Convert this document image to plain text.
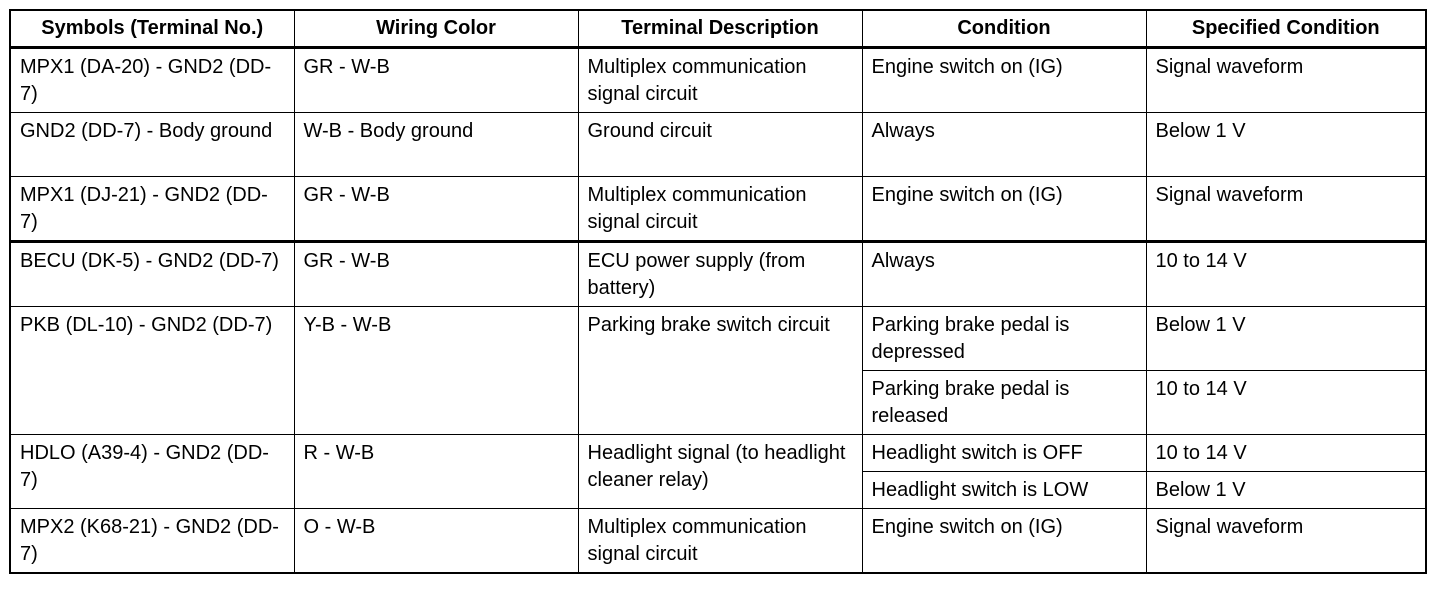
Symbols (Terminal No.)	Wiring Color	Terminal Description	Condition	Specified Condition
MPX1 (DA-20) - GND2 (DD-7)	GR - W-B	Multiplex communication signal circuit	Engine switch on (IG)	Signal waveform
GND2 (DD-7) - Body ground	W-B - Body ground	Ground circuit	Always	Below 1 V
MPX1 (DJ-21) - GND2 (DD-7)	GR - W-B	Multiplex communication signal circuit	Engine switch on (IG)	Signal waveform
BECU (DK-5) - GND2 (DD-7)	GR - W-B	ECU power supply (from battery)	Always	10 to 14 V
PKB (DL-10) - GND2 (DD-7)	Y-B - W-B	Parking brake switch circuit	Parking brake pedal is depressed	Below 1 V
			Parking brake pedal is released	10 to 14 V
HDLO (A39-4) - GND2 (DD-7)	R - W-B	Headlight signal (to headlight cleaner relay)	Headlight switch is OFF	10 to 14 V
			Headlight switch is LOW	Below 1 V
MPX2 (K68-21) - GND2 (DD-7)	O - W-B	Multiplex communication signal circuit	Engine switch on (IG)	Signal waveform
